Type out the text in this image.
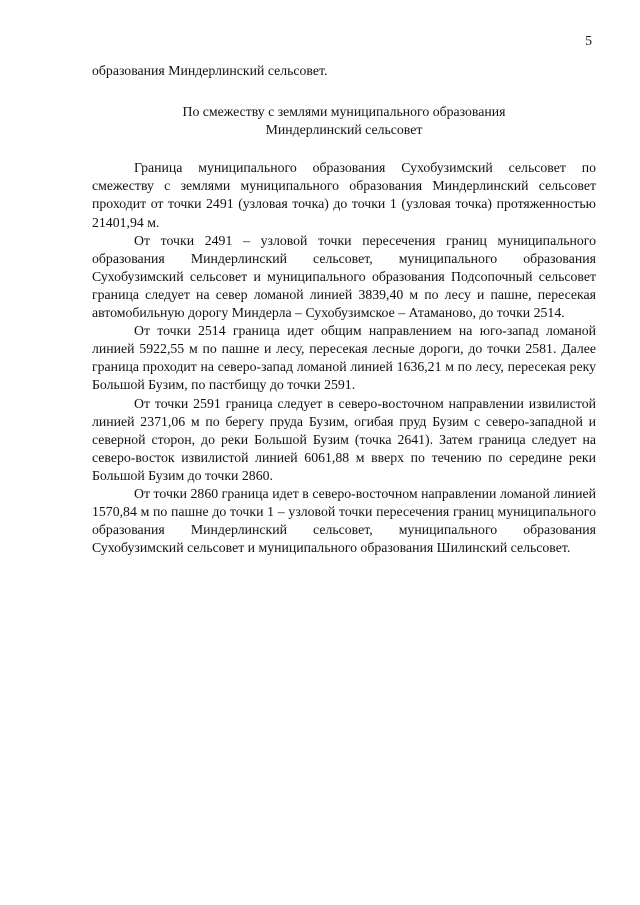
5

образования Миндерлинский сельсовет.

По смежеству с землями муниципального образования
Миндерлинский сельсовет

Граница муниципального образования Сухобузимский сельсовет по смежеству с землями муниципального образования Миндерлинский сельсовет проходит от точки 2491 (узловая точка) до точки 1 (узловая точка) протяженностью 21401,94 м.

От точки 2491 – узловой точки пересечения границ муниципального образования Миндерлинский сельсовет, муниципального образования Сухобузимский сельсовет и муниципального образования Подсопочный сельсовет граница следует на север ломаной линией 3839,40 м по лесу и пашне, пересекая автомобильную дорогу Миндерла – Сухобузимское – Атаманово, до точки 2514.

От точки 2514 граница идет общим направлением на юго-запад ломаной линией 5922,55 м по пашне и лесу, пересекая лесные дороги, до точки 2581. Далее граница проходит на северо-запад ломаной линией 1636,21 м по лесу, пересекая реку Большой Бузим, по пастбищу до точки 2591.

От точки 2591 граница следует в северо-восточном направлении извилистой линией 2371,06 м по берегу пруда Бузим, огибая пруд Бузим с северо-западной и северной сторон, до реки Большой Бузим (точка 2641). Затем граница следует на северо-восток извилистой линией 6061,88 м вверх по течению по середине реки Большой Бузим до точки 2860.

От точки 2860 граница идет в северо-восточном направлении ломаной линией 1570,84 м по пашне до точки 1 – узловой точки пересечения границ муниципального образования Миндерлинский сельсовет, муниципального образования Сухобузимский сельсовет и муниципального образования Шилинский сельсовет.
